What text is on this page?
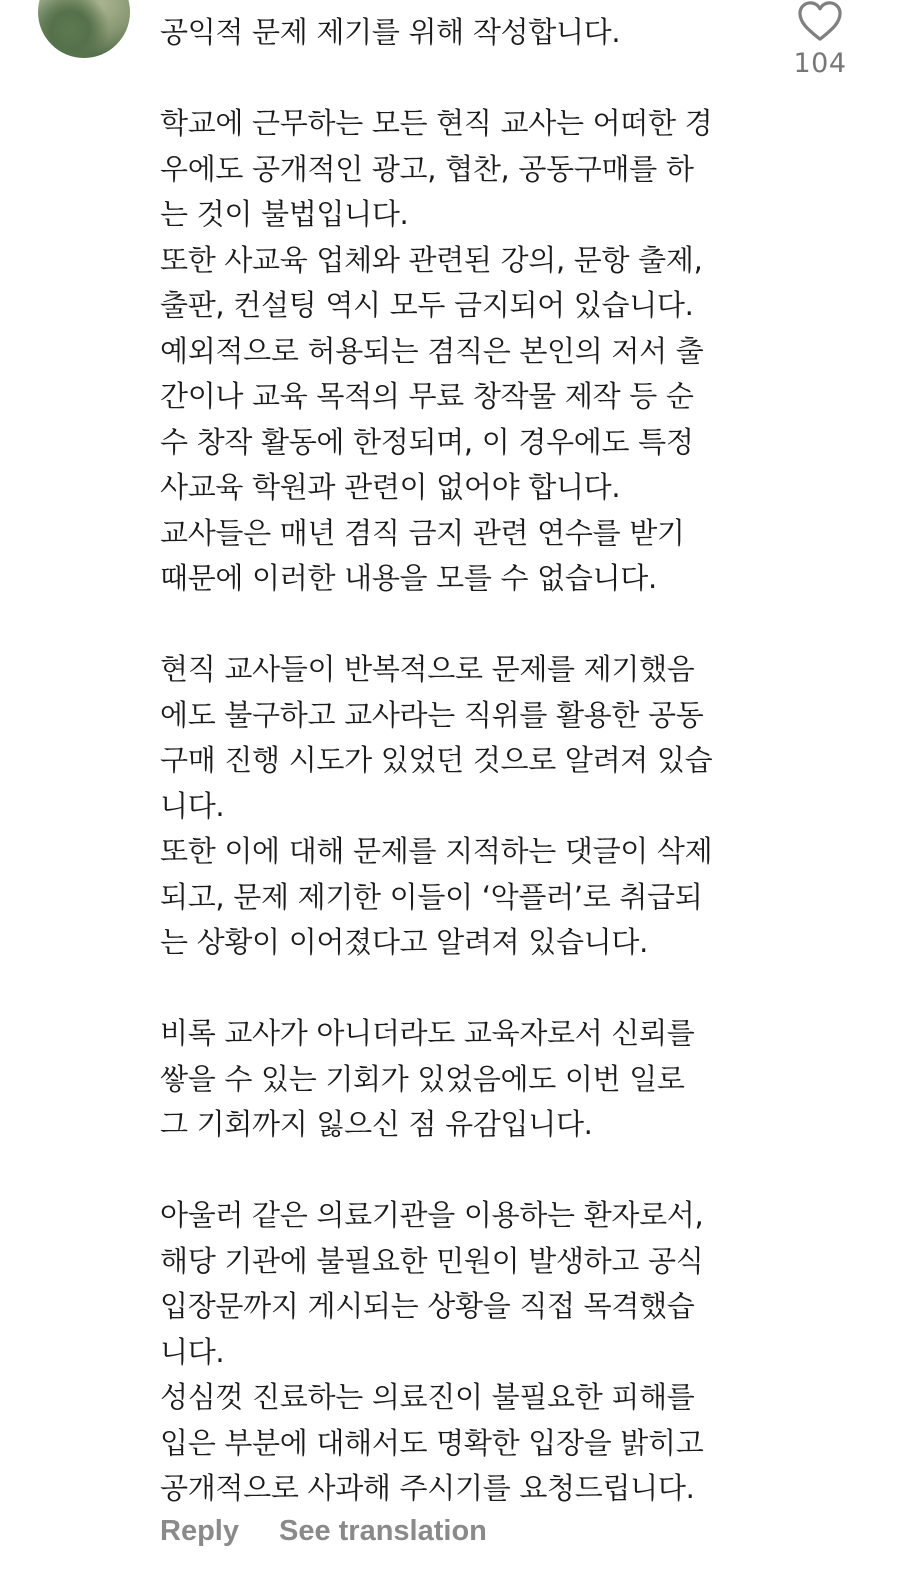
공익적 문제 제기를 위해 작성합니다.

학교에 근무하는 모든 현직 교사는 어떠한 경
우에도 공개적인 광고, 협찬, 공동구매를 하
는 것이 불법입니다.
또한 사교육 업체와 관련된 강의, 문항 출제,
출판, 컨설팅 역시 모두 금지되어 있습니다.
예외적으로 허용되는 겸직은 본인의 저서 출
간이나 교육 목적의 무료 창작물 제작 등 순
수 창작 활동에 한정되며, 이 경우에도 특정
사교육 학원과 관련이 없어야 합니다.
교사들은 매년 겸직 금지 관련 연수를 받기
때문에 이러한 내용을 모를 수 없습니다.

현직 교사들이 반복적으로 문제를 제기했음
에도 불구하고 교사라는 직위를 활용한 공동
구매 진행 시도가 있었던 것으로 알려져 있습
니다.
또한 이에 대해 문제를 지적하는 댓글이 삭제
되고, 문제 제기한 이들이 ‘악플러’로 취급되
는 상황이 이어졌다고 알려져 있습니다.

비록 교사가 아니더라도 교육자로서 신뢰를
쌓을 수 있는 기회가 있었음에도 이번 일로
그 기회까지 잃으신 점 유감입니다.

아울러 같은 의료기관을 이용하는 환자로서,
해당 기관에 불필요한 민원이 발생하고 공식
입장문까지 게시되는 상황을 직접 목격했습
니다.
성심껏 진료하는 의료진이 불필요한 피해를
입은 부분에 대해서도 명확한 입장을 밝히고
공개적으로 사과해 주시기를 요청드립니다.

104
Reply See translation
